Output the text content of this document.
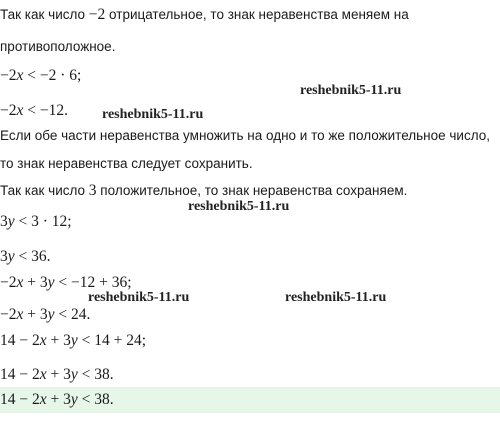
Так как число −2 отрицательное, то знак неравенства меняем на
противоположное.
−2x < −2 · 6;
−2x < −12.
Если обе части неравенства умножить на одно и то же положительное число,
то знак неравенства следует сохранить.
Так как число 3 положительное, то знак неравенства сохраняем.
3y < 3 · 12;
3y < 36.
−2x + 3y < −12 + 36;
−2x + 3y < 24.
14 − 2x + 3y < 14 + 24;
14 − 2x + 3y < 38.
14 − 2x + 3y < 38.
reshebnik5-11.ru
reshebnik5-11.ru
reshebnik5-11.ru
reshebnik5-11.ru	reshebnik5-11.ru
